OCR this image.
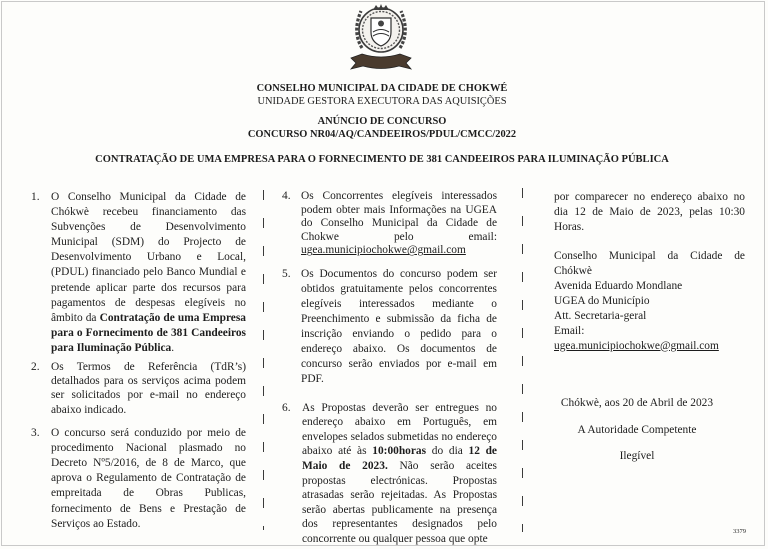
CONSELHO MUNICIPAL DA CIDADE DE CHOKWÉ
UNIDADE GESTORA EXECUTORA DAS AQUISIÇÕES
ANÚNCIO DE CONCURSO
CONCURSO NR04/AQ/CANDEEIROS/PDUL/CMCC/2022
CONTRATAÇÃO DE UMA EMPRESA PARA O FORNECIMENTO DE 381 CANDEEIROS PARA ILUMINAÇÃO PÚBLICA
1. O Conselho Municipal da Cidade de Chókwè recebeu financiamento das Subvenções de Desenvolvimento Municipal (SDM) do Projecto de Desenvolvimento Urbano e Local, (PDUL) financiado pelo Banco Mundial e pretende aplicar parte dos recursos para pagamentos de despesas elegíveis no âmbito da Contratação de uma Empresa para o Fornecimento de 381 Candeeiros para Iluminação Pública.

2. Os Termos de Referência (TdR’s) detalhados para os serviços acima podem ser solicitados por e-mail no endereço abaixo indicado.

3. O concurso será conduzido por meio de procedimento Nacional plasmado no Decreto Nº5/2016, de 8 de Marco, que aprova o Regulamento de Contratação de empreitada de Obras Publicas, fornecimento de Bens e Prestação de Serviços ao Estado.

4. Os Concorrentes elegíveis interessados podem obter mais Informações na UGEA do Conselho Municipal da Cidade de Chokwe pelo email: ugea.municipiochokwe@gmail.com

5. Os Documentos do concurso podem ser obtidos gratuitamente pelos concorrentes elegíveis interessados mediante o Preenchimento e submissão da ficha de inscrição enviando o pedido para o endereço abaixo. Os documentos de concurso serão enviados por e-mail em PDF.

6. As Propostas deverão ser entregues no endereço abaixo em Português, em envelopes selados submetidas no endereço abaixo até às 10:00horas do dia 12 de Maio de 2023. Não serão aceites propostas electrónicas. Propostas atrasadas serão rejeitadas. As Propostas serão abertas publicamente na presença dos representantes designados pelo concorrente ou qualquer pessoa que opte

por comparecer no endereço abaixo no dia 12 de Maio de 2023, pelas 10:30 Horas.

Conselho Municipal da Cidade de Chókwè

Avenida Eduardo Mondlane
UGEA do Município
Att. Secretaria-geral
Email:
ugea.municipiochokwe@gmail.com
Chókwè, aos 20 de Abril de 2023
A Autoridade Competente
Ilegível
3379
